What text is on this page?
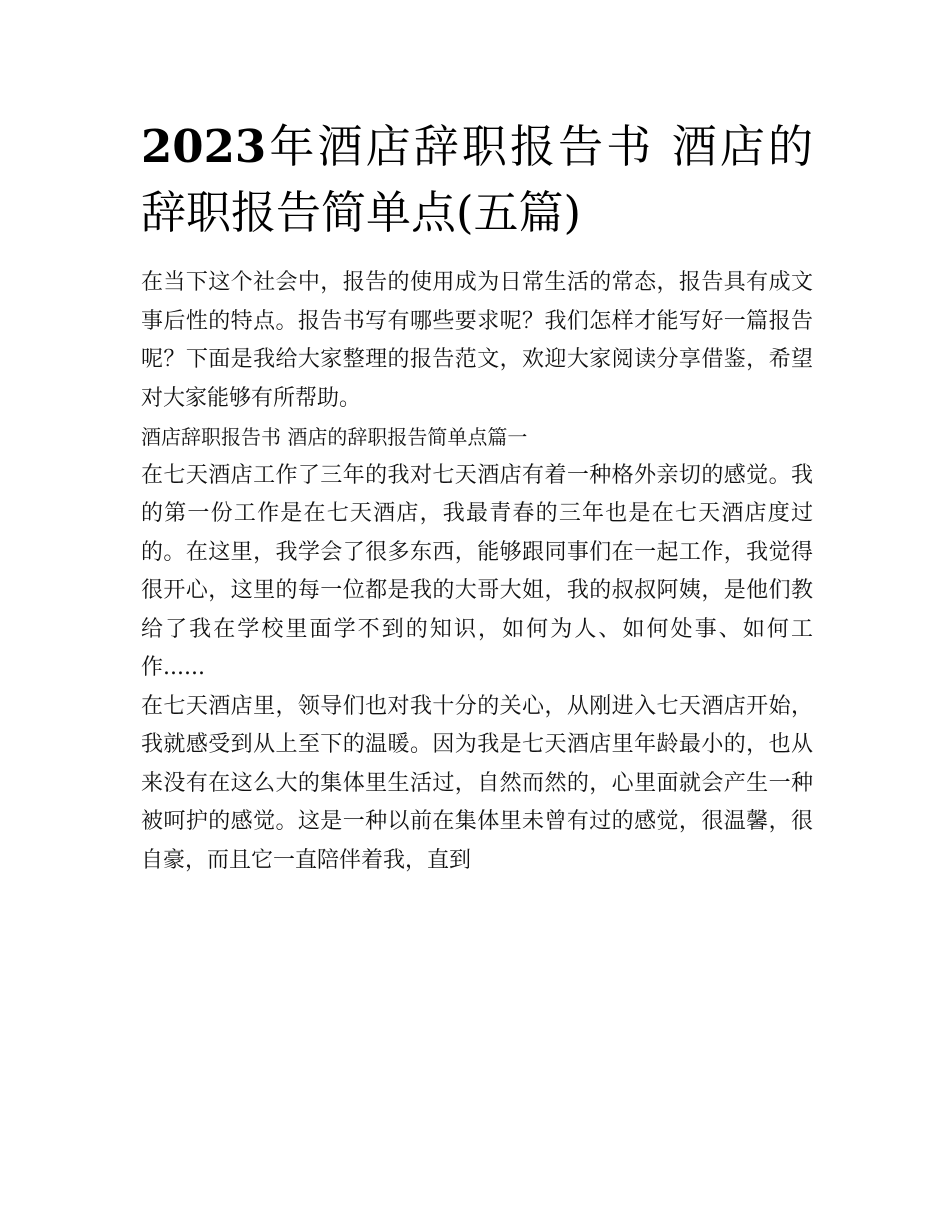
2023年酒店辞职报告书 酒店的辞职报告简单点(五篇)

在当下这个社会中，报告的使用成为日常生活的常态，报告具有成文事后性的特点。报告书写有哪些要求呢？我们怎样才能写好一篇报告呢？下面是我给大家整理的报告范文，欢迎大家阅读分享借鉴，希望对大家能够有所帮助。

酒店辞职报告书 酒店的辞职报告简单点篇一

在七天酒店工作了三年的我对七天酒店有着一种格外亲切的感觉。我的第一份工作是在七天酒店，我最青春的三年也是在七天酒店度过的。在这里，我学会了很多东西，能够跟同事们在一起工作，我觉得很开心，这里的每一位都是我的大哥大姐，我的叔叔阿姨，是他们教给了我在学校里面学不到的知识，如何为人、如何处事、如何工作......

在七天酒店里，领导们也对我十分的关心，从刚进入七天酒店开始，我就感受到从上至下的温暖。因为我是七天酒店里年龄最小的，也从来没有在这么大的集体里生活过，自然而然的，心里面就会产生一种被呵护的感觉。这是一种以前在集体里未曾有过的感觉，很温馨，很自豪，而且它一直陪伴着我，直到
